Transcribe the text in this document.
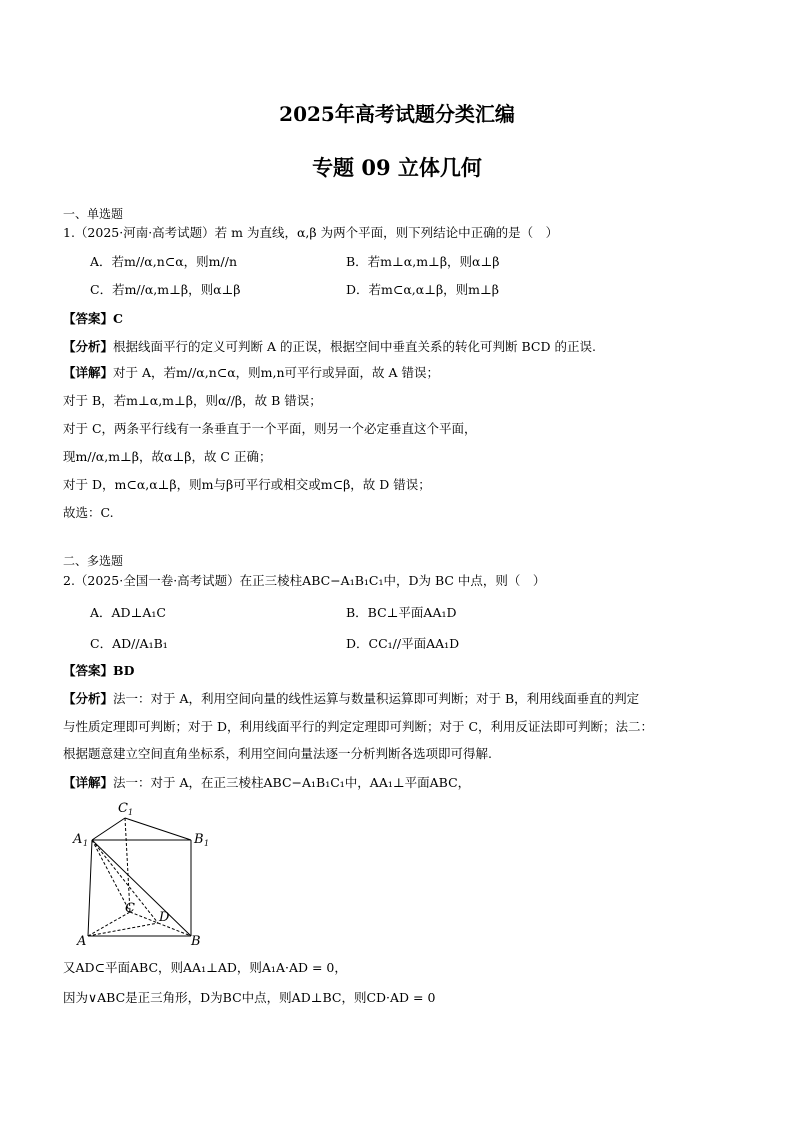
2025年高考试题分类汇编
专题 09 立体几何
一、单选题
1.（2025·河南·高考试题）若 m 为直线，α,β 为两个平面，则下列结论中正确的是（　）
A．若m//α,n⊂α，则m//n	B．若m⊥α,m⊥β，则α⊥β
C．若m//α,m⊥β，则α⊥β	D．若m⊂α,α⊥β，则m⊥β
【答案】C
【分析】根据线面平行的定义可判断 A 的正误，根据空间中垂直关系的转化可判断 BCD 的正误.
【详解】对于 A，若m//α,n⊂α，则m,n可平行或异面，故 A 错误；
对于 B，若m⊥α,m⊥β，则α//β，故 B 错误；
对于 C，两条平行线有一条垂直于一个平面，则另一个必定垂直这个平面，
现m//α,m⊥β，故α⊥β，故 C 正确；
对于 D，m⊂α,α⊥β，则m与β可平行或相交或m⊂β，故 D 错误；
故选：C.
二、多选题
2.（2025·全国一卷·高考试题）在正三棱柱ABC−A₁B₁C₁中，D为 BC 中点，则（　）
A．AD⊥A₁C	B．BC⊥平面AA₁D
C．AD//A₁B₁	D．CC₁//平面AA₁D
【答案】BD
【分析】法一：对于 A，利用空间向量的线性运算与数量积运算即可判断；对于 B，利用线面垂直的判定
与性质定理即可判断；对于 D，利用线面平行的判定定理即可判断；对于 C，利用反证法即可判断；法二：
根据题意建立空间直角坐标系，利用空间向量法逐一分析判断各选项即可得解.
【详解】法一：对于 A，在正三棱柱ABC−A₁B₁C₁中，AA₁⊥平面ABC，
C 1
A 1	B 1
C
D
A	B
又AD⊂平面ABC，则AA₁⊥AD，则A₁A·AD = 0，
因为∨ABC是正三角形，D为BC中点，则AD⊥BC，则CD·AD = 0
